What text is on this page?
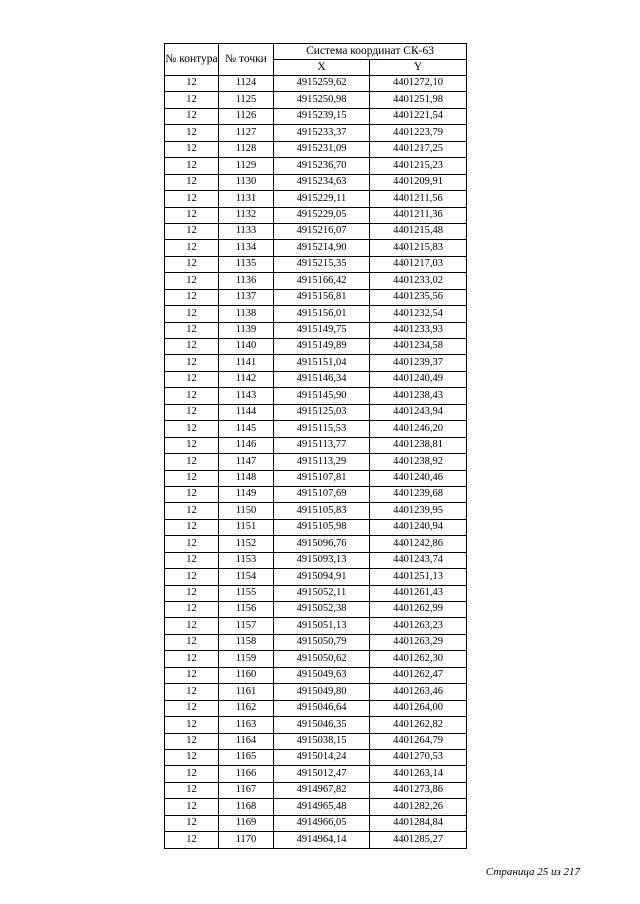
№ контура	№ точки	Система координат СК-63	
		X	Y
12	1124	4915259,62	4401272,10
12	1125	4915250,98	4401251,98
12	1126	4915239,15	4401221,54
12	1127	4915233,37	4401223,79
12	1128	4915231,09	4401217,25
12	1129	4915236,70	4401215,23
12	1130	4915234,63	4401209,91
12	1131	4915229,11	4401211,56
12	1132	4915229,05	4401211,36
12	1133	4915216,07	4401215,48
12	1134	4915214,90	4401215,83
12	1135	4915215,35	4401217,03
12	1136	4915166,42	4401233,02
12	1137	4915156,81	4401235,56
12	1138	4915156,01	4401232,54
12	1139	4915149,75	4401233,93
12	1140	4915149,89	4401234,58
12	1141	4915151,04	4401239,37
12	1142	4915146,34	4401240,49
12	1143	4915145,90	4401238,43
12	1144	4915125,03	4401243,94
12	1145	4915115,53	4401246,20
12	1146	4915113,77	4401238,81
12	1147	4915113,29	4401238,92
12	1148	4915107,81	4401240,46
12	1149	4915107,69	4401239,68
12	1150	4915105,83	4401239,95
12	1151	4915105,98	4401240,94
12	1152	4915096,76	4401242,86
12	1153	4915093,13	4401243,74
12	1154	4915094,91	4401251,13
12	1155	4915052,11	4401261,43
12	1156	4915052,38	4401262,99
12	1157	4915051,13	4401263,23
12	1158	4915050,79	4401263,29
12	1159	4915050,62	4401262,30
12	1160	4915049,63	4401262,47
12	1161	4915049,80	4401263,46
12	1162	4915046,64	4401264,00
12	1163	4915046,35	4401262,82
12	1164	4915038,15	4401264,79
12	1165	4915014,24	4401270,53
12	1166	4915012,47	4401263,14
12	1167	4914967,82	4401273,86
12	1168	4914965,48	4401282,26
12	1169	4914966,05	4401284,84
12	1170	4914964,14	4401285,27
Страница 25 из 217
